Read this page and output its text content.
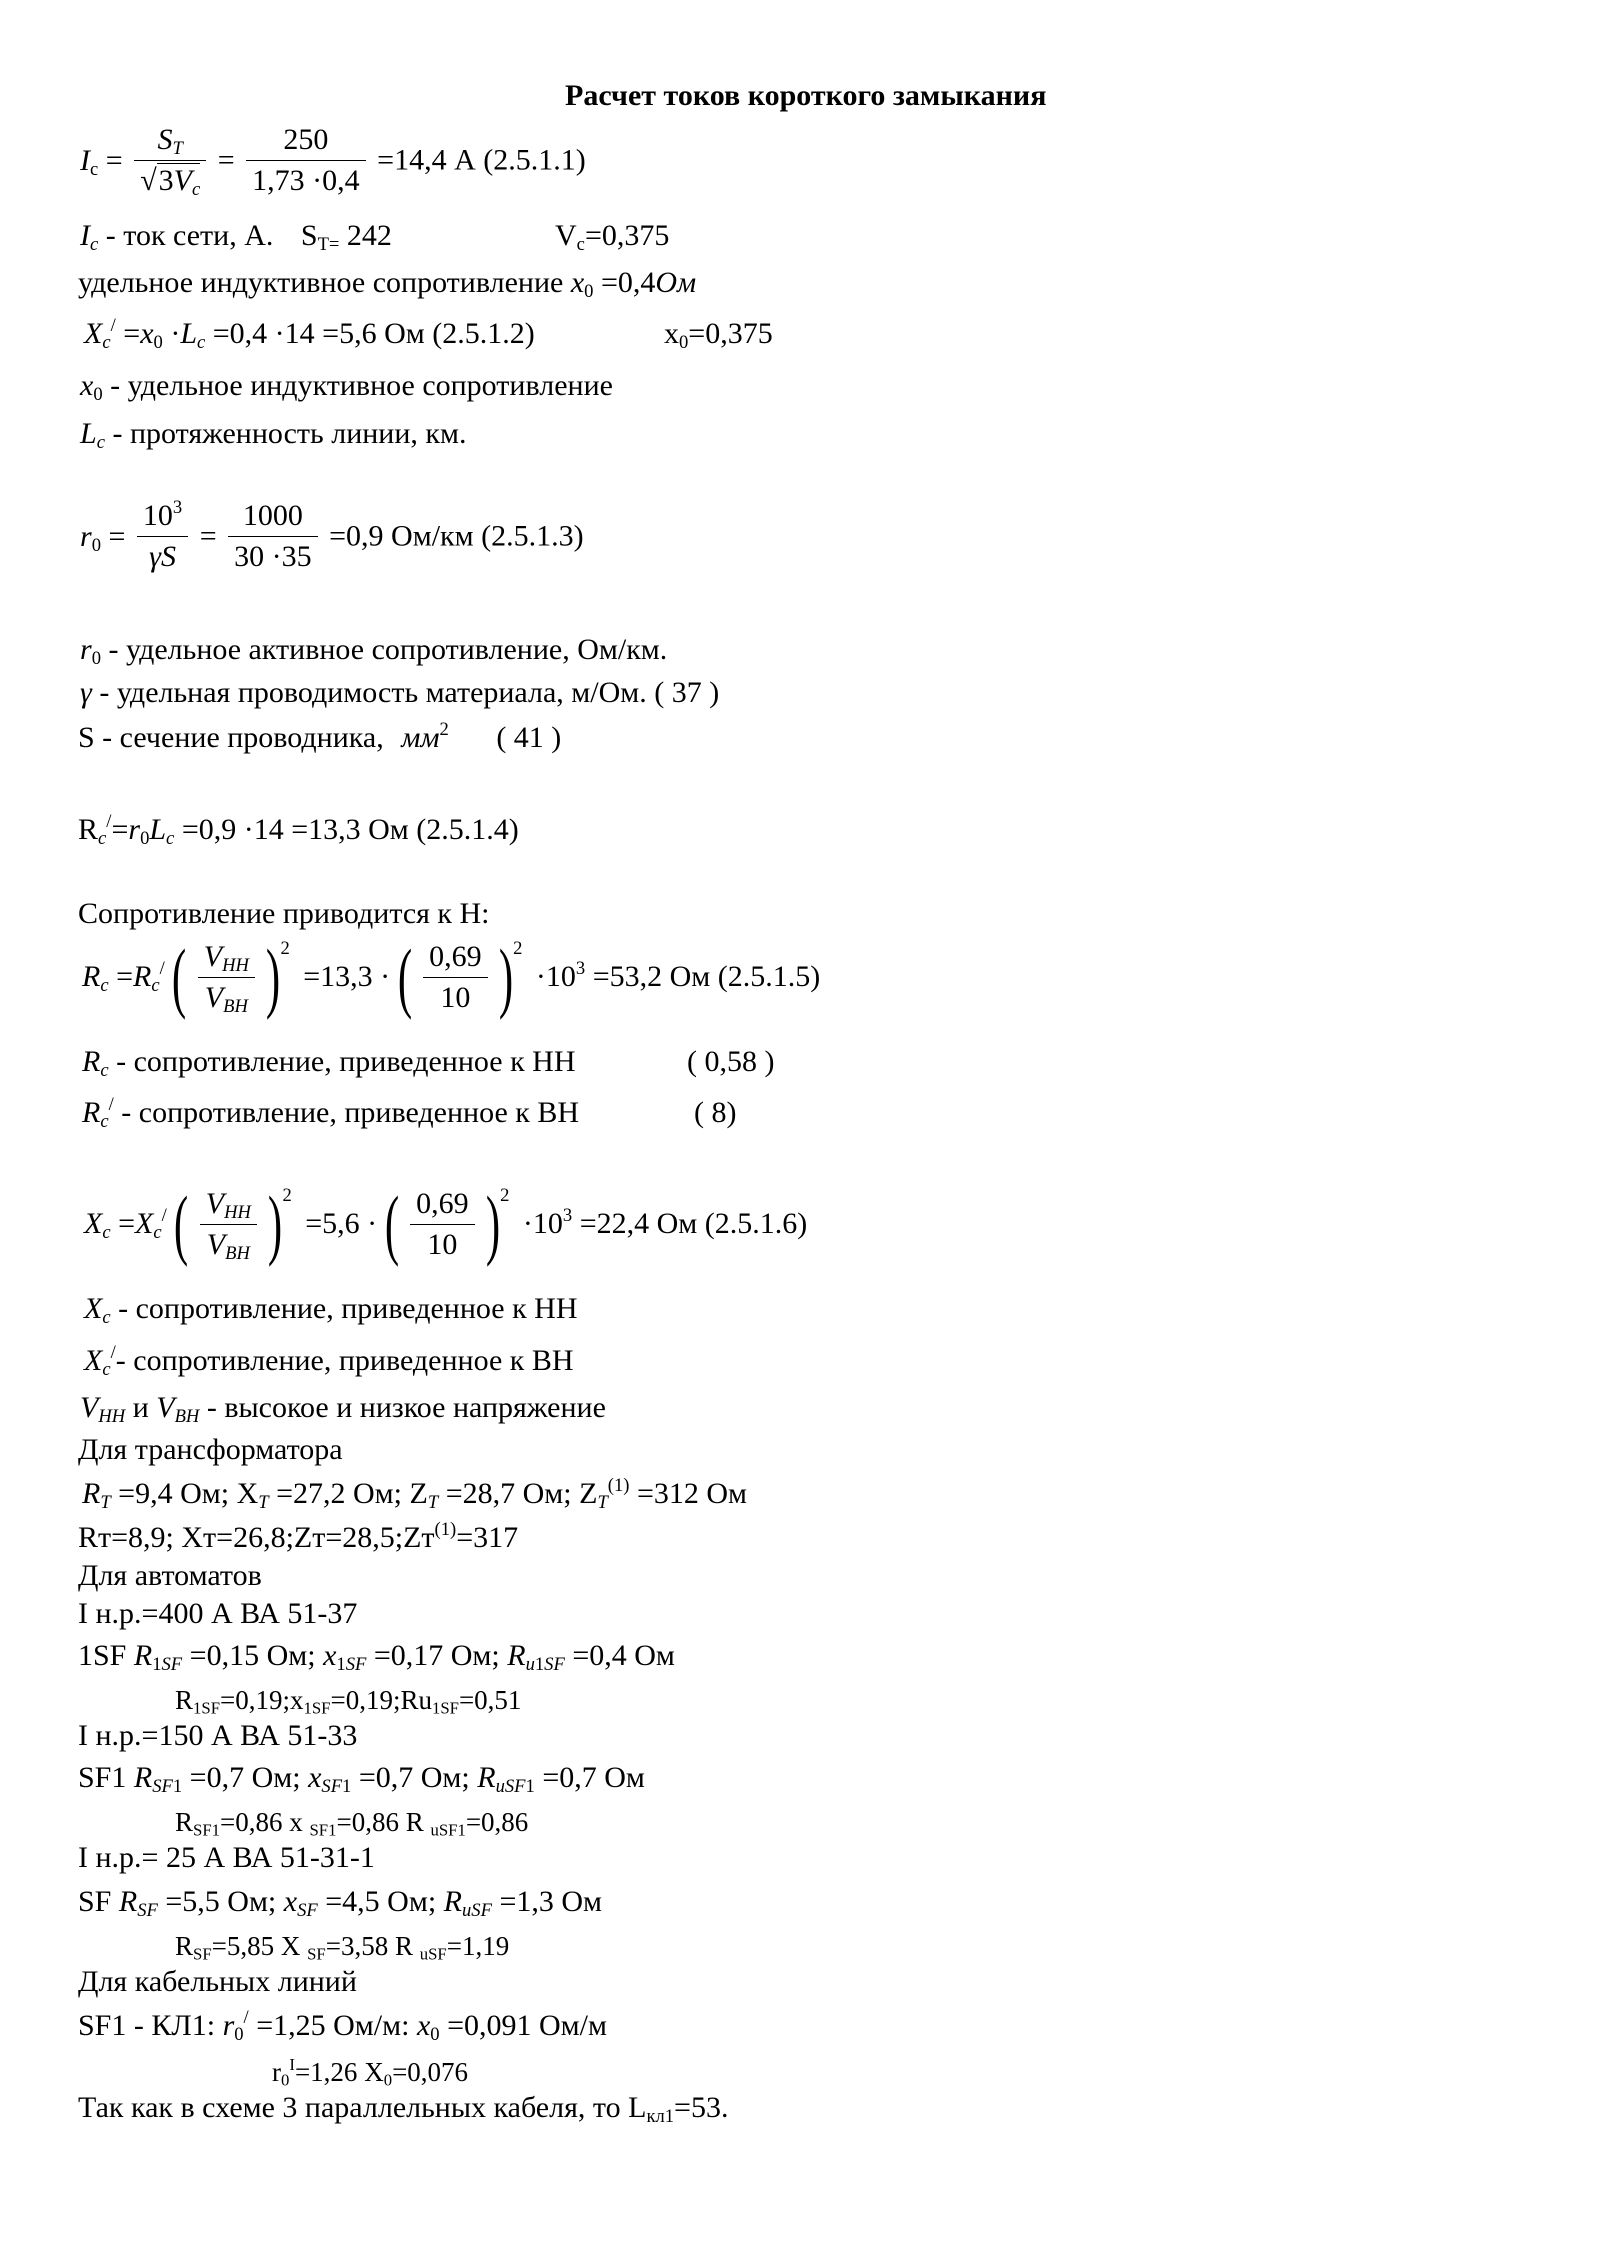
Расчет токов короткого замыкания
$I_c = \frac{S_T}{√3V_c} = \frac{250}{1,73 \cdot 0,4} =14,4$ А (2.5.1.1)
$I_c$ - ток сети, А. $S_{T=}$ 242	$V_c=0,375$
удельное индуктивное сопротивление $x_0 =0,4Ом$
$X_c^/ =x_0 \cdot L_c =0,4 \cdot 14 =5,6$ Ом (2.5.1.2)	$x_0=0,375$
$x_0$ - удельное индуктивное сопротивление
$L_c$ - протяженность линии, км.
$r_0 = \frac{10^3}{\gamma S} = \frac{1000}{30 \cdot 35} =0,9$ Ом/км (2.5.1.3)
$r_0$ - удельное активное сопротивление, Ом/км.
γ - удельная проводимость материала, м/Ом. ( 37 )
S - сечение проводника, $мм^2$ ( 41 )
$R_c^/=r_0L_c =0,9 \cdot 14 =13,3$ Ом (2.5.1.4)
Сопротивление приводится к Н:
$R_c =R_c^/$ ( $V_{HH}$
$V_{BH}$ )$^2$ =13,3 · ( $\frac{0,69}{10} )^2 \cdot 10^3 =53,2$ Ом (2.5.1.5)
$R_c$ - сопротивление, приведенное к НН	( 0,58 )
$R_c^/$ - сопротивление, приведенное к ВН	( 8)
$X_c =X_c^/$ ( $V_{HH}$
$V_{BH}$ )$^2$ =5,6 · ( $\frac{0,69}{10} )^2 \cdot 10^3 =22,4$ Ом (2.5.1.6)
$X_c$ - сопротивление, приведенное к НН
$X_c^/-$ сопротивление, приведенное к ВН
$V_{HH}$ и $V_{BH}$ - высокое и низкое напряжение
Для трансформатора
$R_T =9,4$ Ом; $X_T =27,2$ Ом; $Z_T =28,7$ Ом; $Z_T^{(1)} =312$ Ом
Rт=8,9; $Xт=26,8;Zт=28,5;Zт^{(1)}=317$
Для автоматов
I н.р.=400 А ВА 51-37
1SF $R_{1SF} =0,15$ Ом; $x_{1SF} =0,17$ Ом; $R_{u1SF} =0,4$ Ом
$R_{1SF}=0,19;x_{1SF}=0,19;Ru_{1SF}=0,51$
I н.р.=150 А ВА 51-33
SF1 $R_{SF1} =0,7$ Ом; $x_{SF1} =0,7$ Ом; $R_{uSF1} =0,7$ Ом
$R_{SF1}=0,86$ x $_{SF1}$=0,86 R $_{uSF1}$=0,86
I н.р.= 25 А ВА 51-31-1
SF $R_{SF} =5,5$ Ом; $x_{SF} =4,5$ Ом; $R_{uSF} =1,3$ Ом
$R_{SF}=5,85$ X $_{SF}$=3,58 R $_{uSF}$=1,19
Для кабельных линий
SF1 - КЛ1: $r_0^/ =1,25$ Ом/м: $x_0 =0,091$ Ом/м
$r_0^I=1,26$ $X_0=0,076$
Так как в схеме 3 параллельных кабеля, то $L_{кл1}=53$.
